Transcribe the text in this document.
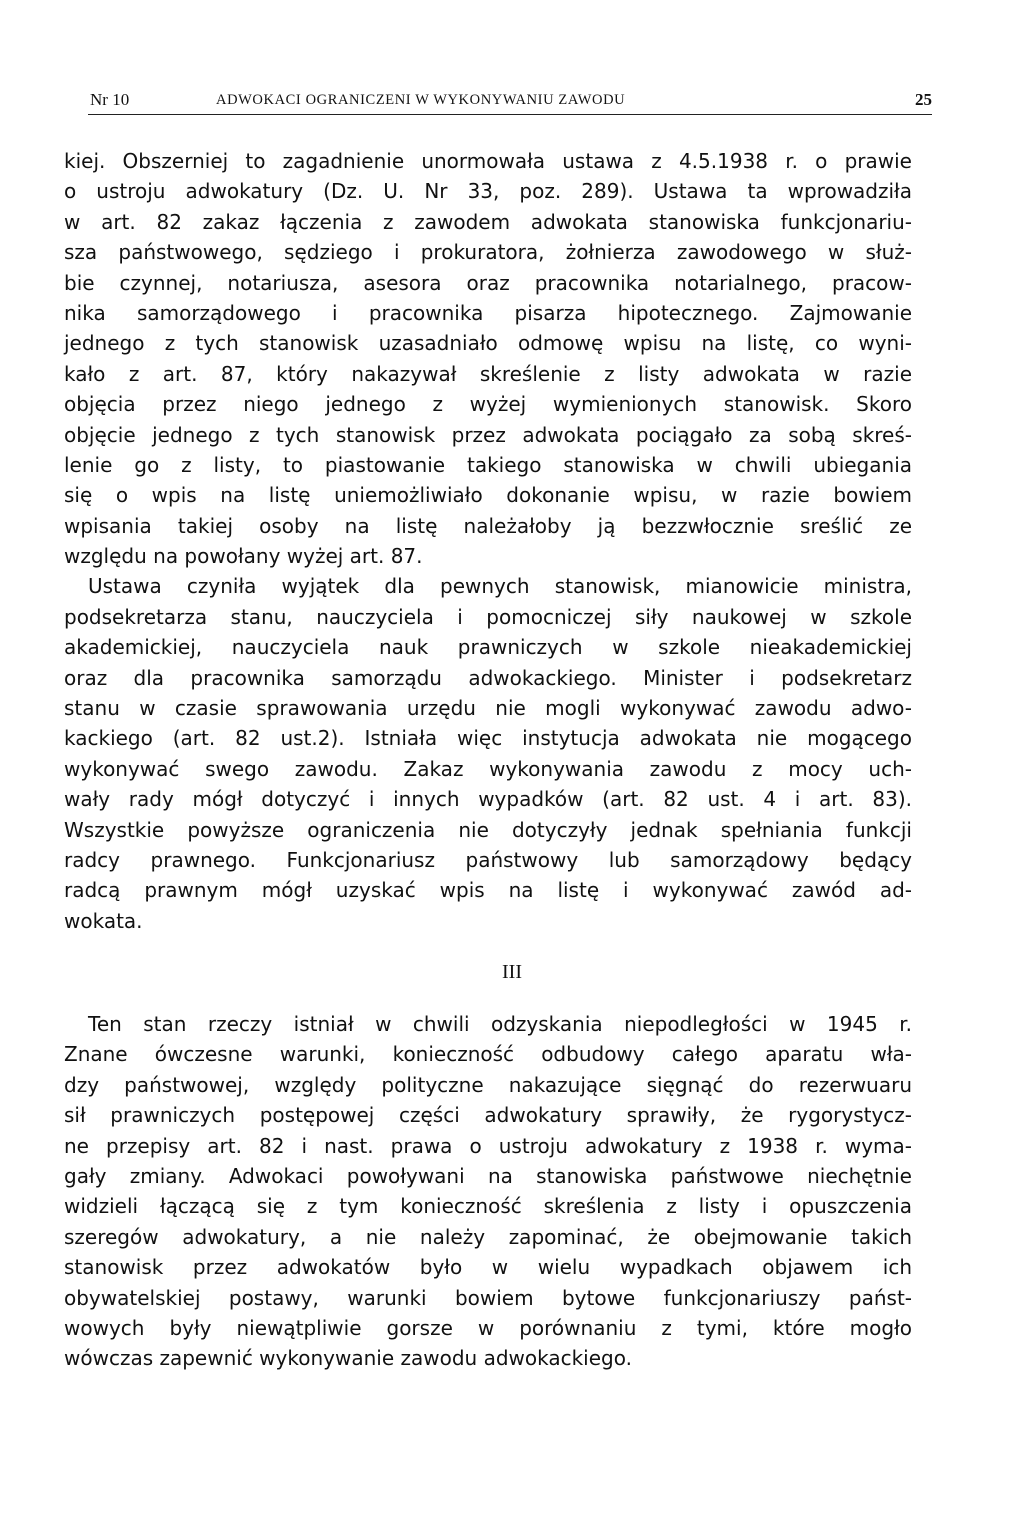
Nr 10	ADWOKACI OGRANICZENI W WYKONYWANIU ZAWODU	25
kiej. Obszerniej to zagadnienie unormowała ustawa z 4.5.1938 r. o prawie
o ustroju adwokatury (Dz. U. Nr 33, poz. 289). Ustawa ta wprowadziła
w art. 82 zakaz łączenia z zawodem adwokata stanowiska funkcjonariu-
sza państwowego, sędziego i prokuratora, żołnierza zawodowego w służ-
bie czynnej, notariusza, asesora oraz pracownika notarialnego, pracow-
nika samorządowego i pracownika pisarza hipotecznego. Zajmowanie
jednego z tych stanowisk uzasadniało odmowę wpisu na listę, co wyni-
kało z art. 87, który nakazywał skreślenie z listy adwokata w razie
objęcia przez niego jednego z wyżej wymienionych stanowisk. Skoro
objęcie jednego z tych stanowisk przez adwokata pociągało za sobą skreś-
lenie go z listy, to piastowanie takiego stanowiska w chwili ubiegania
się o wpis na listę uniemożliwiało dokonanie wpisu, w razie bowiem
wpisania takiej osoby na listę należałoby ją bezzwłocznie sreślić ze
względu na powołany wyżej art. 87.
Ustawa czyniła wyjątek dla pewnych stanowisk, mianowicie ministra,
podsekretarza stanu, nauczyciela i pomocniczej siły naukowej w szkole
akademickiej, nauczyciela nauk prawniczych w szkole nieakademickiej
oraz dla pracownika samorządu adwokackiego. Minister i podsekretarz
stanu w czasie sprawowania urzędu nie mogli wykonywać zawodu adwo-
kackiego (art. 82 ust.2). Istniała więc instytucja adwokata nie mogącego
wykonywać swego zawodu. Zakaz wykonywania zawodu z mocy uch-
wały rady mógł dotyczyć i innych wypadków (art. 82 ust. 4 i art. 83).
Wszystkie powyższe ograniczenia nie dotyczyły jednak spełniania funkcji
radcy prawnego. Funkcjonariusz państwowy lub samorządowy będący
radcą prawnym mógł uzyskać wpis na listę i wykonywać zawód ad-
wokata.
III
Ten stan rzeczy istniał w chwili odzyskania niepodległości w 1945 r.
Znane ówczesne warunki, konieczność odbudowy całego aparatu wła-
dzy państwowej, względy polityczne nakazujące sięgnąć do rezerwuaru
sił prawniczych postępowej części adwokatury sprawiły, że rygorystycz-
ne przepisy art. 82 i nast. prawa o ustroju adwokatury z 1938 r. wyma-
gały zmiany. Adwokaci powoływani na stanowiska państwowe niechętnie
widzieli łączącą się z tym konieczność skreślenia z listy i opuszczenia
szeregów adwokatury, a nie należy zapominać, że obejmowanie takich
stanowisk przez adwokatów było w wielu wypadkach objawem ich
obywatelskiej postawy, warunki bowiem bytowe funkcjonariuszy państ-
wowych były niewątpliwie gorsze w porównaniu z tymi, które mogło
wówczas zapewnić wykonywanie zawodu adwokackiego.
